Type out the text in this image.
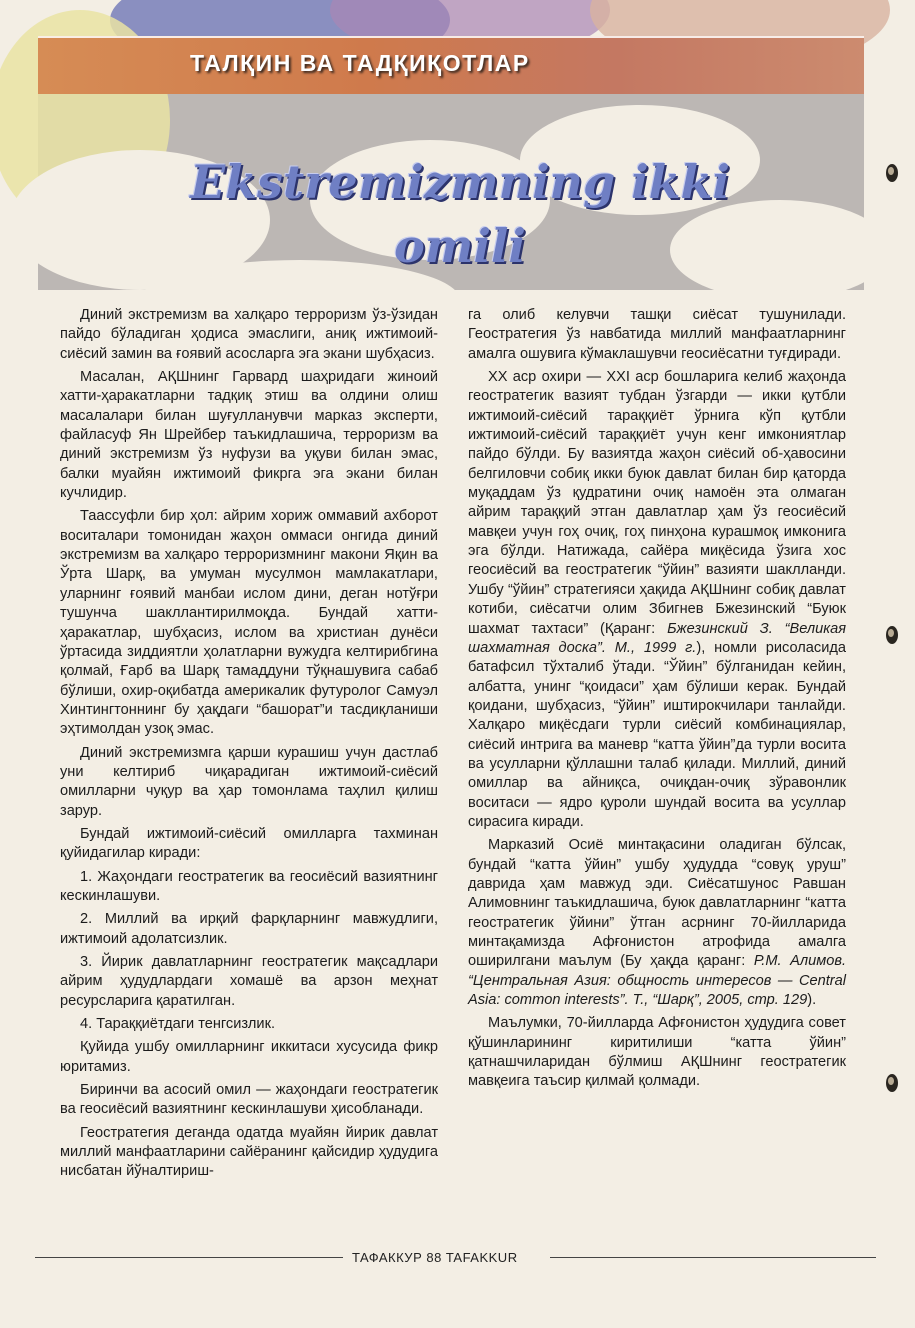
ТАЛҚИН ВА ТАДҚИҚОТЛАР
Ekstremizmning ikki
omili

Диний экстремизм ва халқаро терроризм ўз-ўзидан пайдо бўладиган ҳодиса эмаслиги, аниқ ижтимоий-сиёсий замин ва ғоявий асосларга эга экани шубҳасиз.

Масалан, АҚШнинг Гарвард шаҳридаги жиноий хатти-ҳаракатларни тадқиқ этиш ва олдини олиш масалалари билан шуғулланувчи марказ эксперти, файласуф Ян Шрейбер таъкидлашича, терроризм ва диний экстремизм ўз нуфузи ва уқуви билан эмас, балки муайян ижтимоий фикрга эга экани билан кучлидир.

Таассуфли бир ҳол: айрим хориж оммавий ахборот воситалари томонидан жаҳон оммаси онгида диний экстремизм ва халқаро терроризмнинг макони Яқин ва Ўрта Шарқ, ва умуман мусулмон мамлакатлари, уларнинг ғоявий манбаи ислом дини, деган нотўғри тушунча шакллантирилмоқда. Бундай хатти-ҳаракатлар, шубҳасиз, ислом ва христиан дунёси ўртасида зиддиятли ҳолатларни вужудга келтирибгина қолмай, Ғарб ва Шарқ тамаддуни тўқнашувига сабаб бўлиши, охир-оқибатда америкалик футуролог Самуэл Хинтингтоннинг бу ҳақдаги “башорат”и тасдиқланиши эҳтимолдан узоқ эмас.

Диний экстремизмга қарши курашиш учун дастлаб уни келтириб чиқарадиган ижтимоий-сиёсий омилларни чуқур ва ҳар томонлама таҳлил қилиш зарур.

Бундай ижтимоий-сиёсий омилларга тахминан қуйидагилар киради:

1. Жаҳондаги геостратегик ва геосиёсий вазиятнинг кескинлашуви.

2. Миллий ва ирқий фарқларнинг мавжудлиги, ижтимоий адолатсизлик.

3. Йирик давлатларнинг геостратегик мақсадлари айрим ҳудудлардаги хомашё ва арзон меҳнат ресурсларига қаратилган.

4. Тараққиётдаги тенгсизлик.

Қуйида ушбу омилларнинг иккитаси хусусида фикр юритамиз.

Биринчи ва асосий омил — жаҳондаги геостратегик ва геосиёсий вазиятнинг кескинлашуви ҳисобланади.

Геостратегия деганда одатда муайян йирик давлат миллий манфаатларини сайёранинг қайсидир ҳудудига нисбатан йўналтириш-

га олиб келувчи ташқи сиёсат тушунилади. Геостратегия ўз навбатида миллий манфаатларнинг амалга ошувига кўмаклашувчи геосиёсатни туғдиради.

XX аср охири — XXI аср бошларига келиб жаҳонда геостратегик вазият тубдан ўзгарди — икки қутбли ижтимоий-сиёсий тараққиёт ўрнига кўп қутбли ижтимоий-сиёсий тараққиёт учун кенг имкониятлар пайдо бўлди. Бу вазиятда жаҳон сиёсий об-ҳавосини белгиловчи собиқ икки буюк давлат билан бир қаторда муқаддам ўз қудратини очиқ намоён эта олмаган айрим тараққий этган давлатлар ҳам ўз геосиёсий мавқеи учун гоҳ очиқ, гоҳ пинҳона курашмоқ имконига эга бўлди. Натижада, сайёра миқёсида ўзига хос геосиёсий ва геостратегик “ўйин” вазияти шаклланди. Ушбу “ўйин” стратегияси ҳақида АҚШнинг собиқ давлат котиби, сиёсатчи олим Збигнев Бжезинский “Буюк шахмат тахтаси” (Қаранг: Бжезинский З. “Великая шахматная доска”. М., 1999 г.), номли рисоласида батафсил тўхталиб ўтади. “Ўйин” бўлганидан кейин, албатта, унинг “қоидаси” ҳам бўлиши керак. Бундай қоидани, шубҳасиз, “ўйин” иштирокчилари танлайди. Халқаро миқёсдаги турли сиёсий комбинациялар, сиёсий интрига ва маневр “катта ўйин”да турли восита ва усулларни қўллашни талаб қилади. Миллий, диний омиллар ва айниқса, очиқдан-очиқ зўравонлик воситаси — ядро қуроли шундай восита ва усуллар сирасига киради.

Марказий Осиё минтақасини оладиган бўлсак, бундай “катта ўйин” ушбу ҳудудда “совуқ уруш” даврида ҳам мавжуд эди. Сиёсатшунос Равшан Алимовнинг таъкидлашича, буюк давлатларнинг “катта геостратегик ўйини” ўтган асрнинг 70-йилларида минтақамизда Афғонистон атрофида амалга оширилгани маълум (Бу ҳақда қаранг: Р.М. Алимов. “Центральная Азия: общность интересов — Central Asia: common interests”. Т., “Шарқ”, 2005, стр. 129).

Маълумки, 70-йилларда Афғонистон ҳудудига совет қўшинларининг киритилиши “катта ўйин” қатнашчиларидан бўлмиш АҚШнинг геостратегик мавқеига таъсир қилмай қолмади.

ТАФАККУР 88 TAFAKKUR
